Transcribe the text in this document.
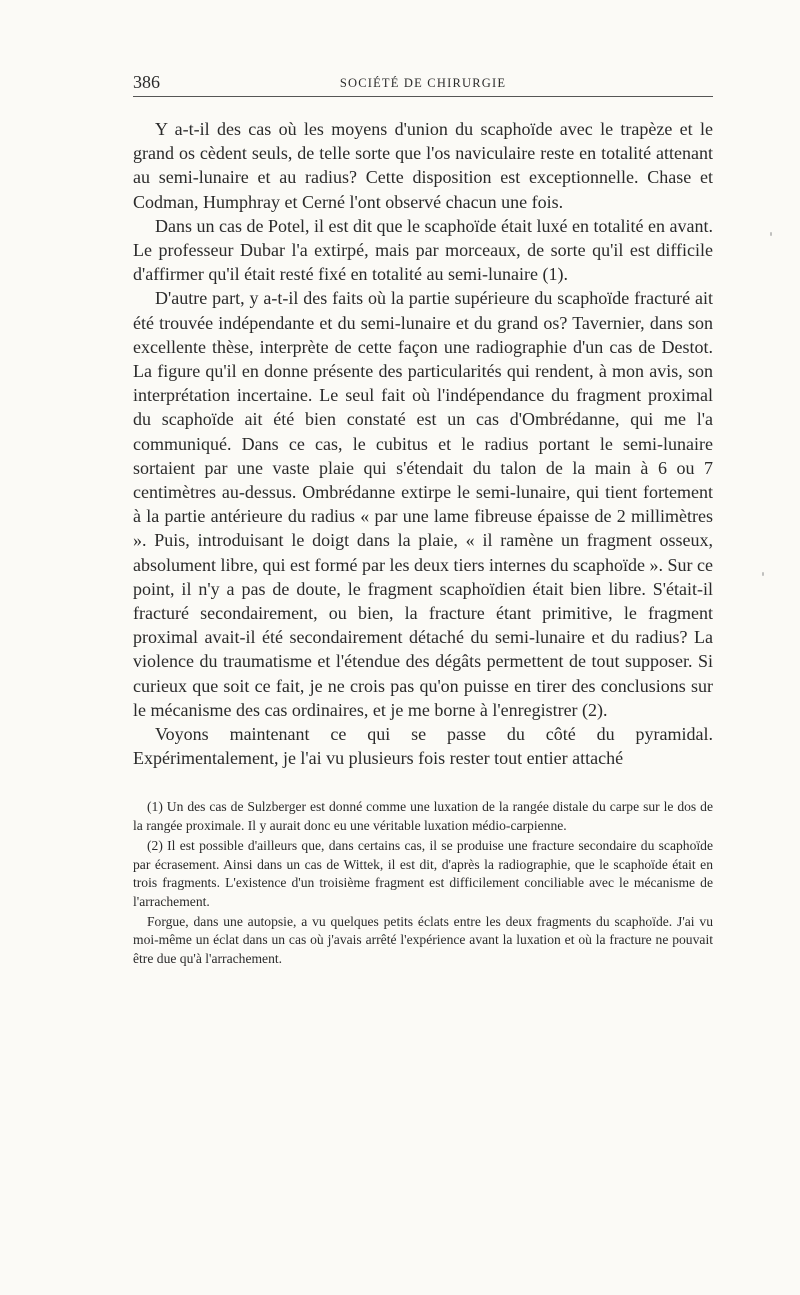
386	SOCIÉTÉ DE CHIRURGIE

Y a-t-il des cas où les moyens d'union du scaphoïde avec le trapèze et le grand os cèdent seuls, de telle sorte que l'os naviculaire reste en totalité attenant au semi-lunaire et au radius? Cette disposition est exceptionnelle. Chase et Codman, Humphray et Cerné l'ont observé chacun une fois.

Dans un cas de Potel, il est dit que le scaphoïde était luxé en totalité en avant. Le professeur Dubar l'a extirpé, mais par morceaux, de sorte qu'il est difficile d'affirmer qu'il était resté fixé en totalité au semi-lunaire (1).

D'autre part, y a-t-il des faits où la partie supérieure du scaphoïde fracturé ait été trouvée indépendante et du semi-lunaire et du grand os? Tavernier, dans son excellente thèse, interprète de cette façon une radiographie d'un cas de Destot. La figure qu'il en donne présente des particularités qui rendent, à mon avis, son interprétation incertaine. Le seul fait où l'indépendance du fragment proximal du scaphoïde ait été bien constaté est un cas d'Ombrédanne, qui me l'a communiqué. Dans ce cas, le cubitus et le radius portant le semi-lunaire sortaient par une vaste plaie qui s'étendait du talon de la main à 6 ou 7 centimètres au-dessus. Ombrédanne extirpe le semi-lunaire, qui tient fortement à la partie antérieure du radius « par une lame fibreuse épaisse de 2 millimètres ». Puis, introduisant le doigt dans la plaie, « il ramène un fragment osseux, absolument libre, qui est formé par les deux tiers internes du scaphoïde ». Sur ce point, il n'y a pas de doute, le fragment scaphoïdien était bien libre. S'était-il fracturé secondairement, ou bien, la fracture étant primitive, le fragment proximal avait-il été secondairement détaché du semi-lunaire et du radius? La violence du traumatisme et l'étendue des dégâts permettent de tout supposer. Si curieux que soit ce fait, je ne crois pas qu'on puisse en tirer des conclusions sur le mécanisme des cas ordinaires, et je me borne à l'enregistrer (2).

Voyons maintenant ce qui se passe du côté du pyramidal. Expérimentalement, je l'ai vu plusieurs fois rester tout entier attaché

(1) Un des cas de Sulzberger est donné comme une luxation de la rangée distale du carpe sur le dos de la rangée proximale. Il y aurait donc eu une véritable luxation médio-carpienne.

(2) Il est possible d'ailleurs que, dans certains cas, il se produise une fracture secondaire du scaphoïde par écrasement. Ainsi dans un cas de Wittek, il est dit, d'après la radiographie, que le scaphoïde était en trois fragments. L'existence d'un troisième fragment est difficilement conciliable avec le mécanisme de l'arrachement.

Forgue, dans une autopsie, a vu quelques petits éclats entre les deux fragments du scaphoïde. J'ai vu moi-même un éclat dans un cas où j'avais arrêté l'expérience avant la luxation et où la fracture ne pouvait être due qu'à l'arrachement.
